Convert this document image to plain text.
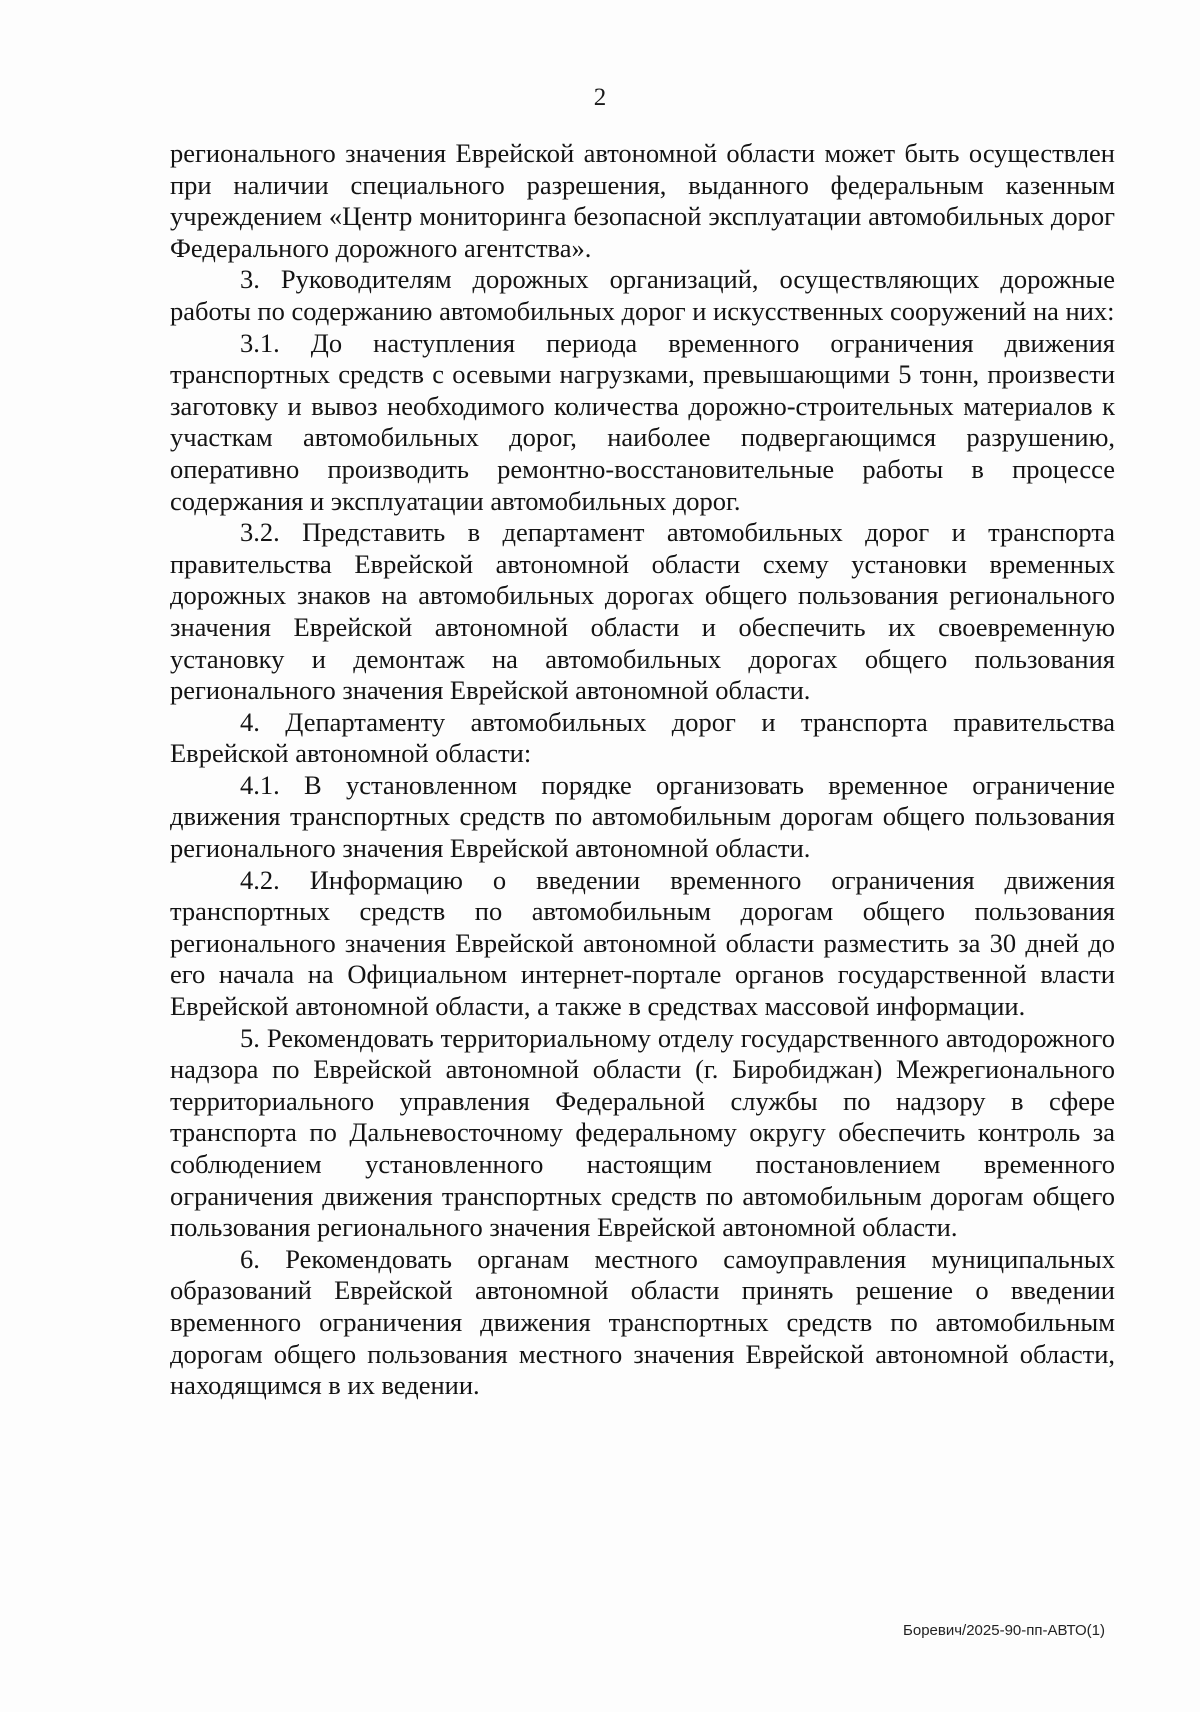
2

регионального значения Еврейской автономной области может быть осуществлен при наличии специального разрешения, выданного федеральным казенным учреждением «Центр мониторинга безопасной эксплуатации автомобильных дорог Федерального дорожного агентства».

3. Руководителям дорожных организаций, осуществляющих дорожные работы по содержанию автомобильных дорог и искусственных сооружений на них:

3.1. До наступления периода временного ограничения движения транспортных средств с осевыми нагрузками, превышающими 5 тонн, произвести заготовку и вывоз необходимого количества дорожно-строительных материалов к участкам автомобильных дорог, наиболее подвергающимся разрушению, оперативно производить ремонтно-восстановительные работы в процессе содержания и эксплуатации автомобильных дорог.

3.2. Представить в департамент автомобильных дорог и транспорта правительства Еврейской автономной области схему установки временных дорожных знаков на автомобильных дорогах общего пользования регионального значения Еврейской автономной области и обеспечить их своевременную установку и демонтаж на автомобильных дорогах общего пользования регионального значения Еврейской автономной области.

4. Департаменту автомобильных дорог и транспорта правительства Еврейской автономной области:

4.1. В установленном порядке организовать временное ограничение движения транспортных средств по автомобильным дорогам общего пользования регионального значения Еврейской автономной области.

4.2. Информацию о введении временного ограничения движения транспортных средств по автомобильным дорогам общего пользования регионального значения Еврейской автономной области разместить за 30 дней до его начала на Официальном интернет-портале органов государственной власти Еврейской автономной области, а также в средствах массовой информации.

5. Рекомендовать территориальному отделу государственного автодорожного надзора по Еврейской автономной области (г. Биробиджан) Межрегионального территориального управления Федеральной службы по надзору в сфере транспорта по Дальневосточному федеральному округу обеспечить контроль за соблюдением установленного настоящим постановлением временного ограничения движения транспортных средств по автомобильным дорогам общего пользования регионального значения Еврейской автономной области.

6. Рекомендовать органам местного самоуправления муниципальных образований Еврейской автономной области принять решение о введении временного ограничения движения транспортных средств по автомобильным дорогам общего пользования местного значения Еврейской автономной области, находящимся в их ведении.

Боревич/2025-90-пп-АВТО(1)
